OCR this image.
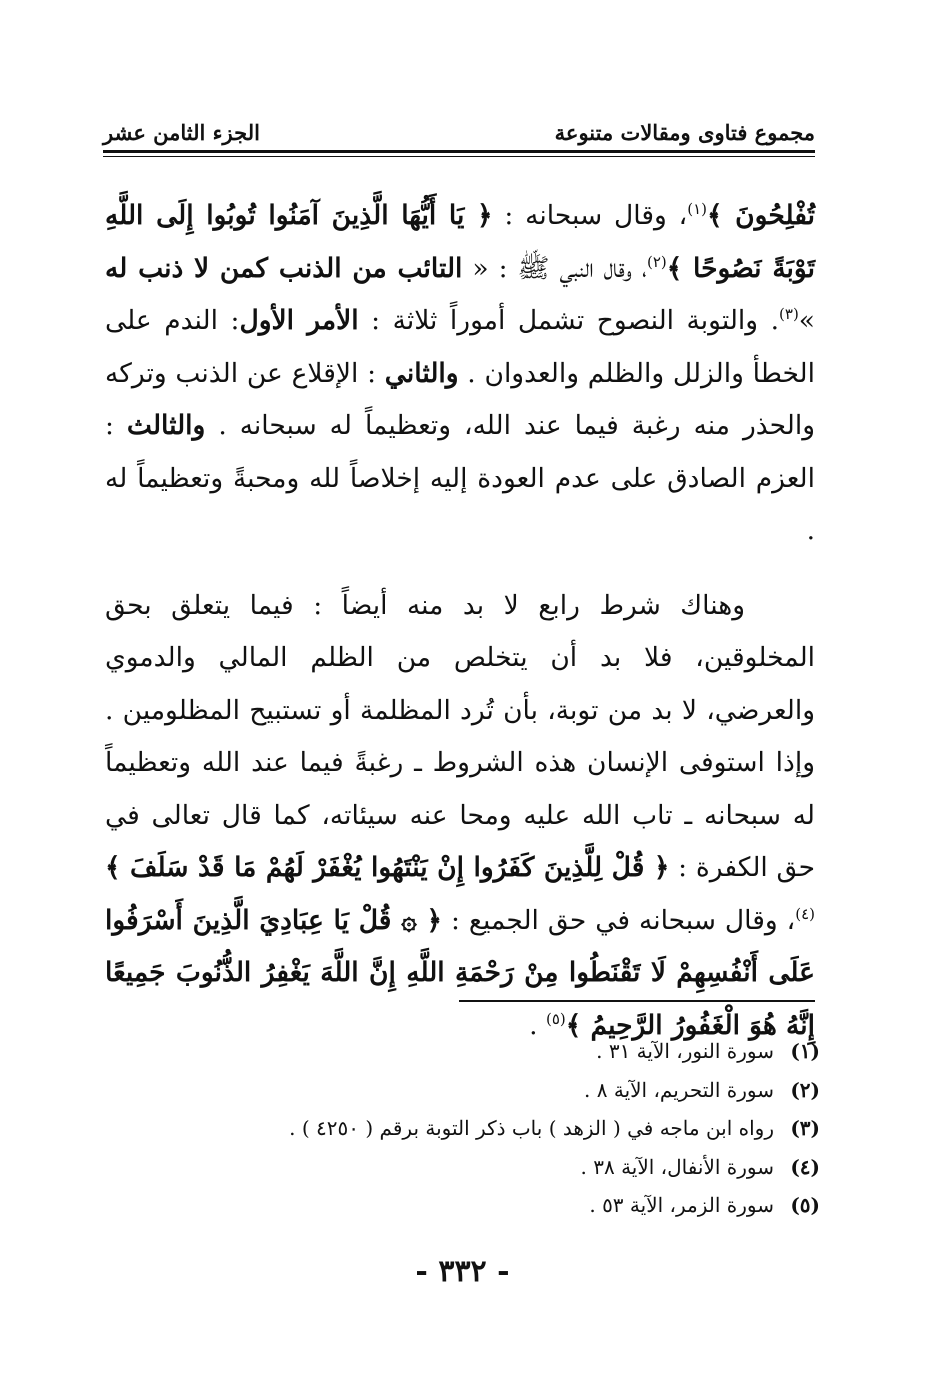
مجموع فتاوى ومقالات متنوعة
الجزء الثامن عشر

تُفْلِحُونَ ﴾$^{(١)}$، وقال سبحانه : ﴿ يَا أَيُّهَا الَّذِينَ آمَنُوا تُوبُوا إِلَى اللَّهِ تَوْبَةً نَصُوحًا ﴾$^{(٢)}$، وقال النبي ﷺ : « التائب من الذنب كمن لا ذنب له »$^{(٣)}$. والتوبة النصوح تشمل أموراً ثلاثة : الأمر الأول: الندم على الخطأ والزلل والظلم والعدوان . والثاني : الإقلاع عن الذنب وتركه والحذر منه رغبة فيما عند الله، وتعظيماً له سبحانه . والثالث : العزم الصادق على عدم العودة إليه إخلاصاً لله ومحبةً وتعظيماً له .

وهناك شرط رابع لا بد منه أيضاً : فيما يتعلق بحق المخلوقين، فلا بد أن يتخلص من الظلم المالي والدموي والعرضي، لا بد من توبة، بأن تُرد المظلمة أو تستبيح المظلومين . وإذا استوفى الإنسان هذه الشروط ـ رغبةً فيما عند الله وتعظيماً له سبحانه ـ تاب الله عليه ومحا عنه سيئاته، كما قال تعالى في حق الكفرة : ﴿ قُلْ لِلَّذِينَ كَفَرُوا إِنْ يَنْتَهُوا يُغْفَرْ لَهُمْ مَا قَدْ سَلَفَ ﴾$^{(٤)}$، وقال سبحانه في حق الجميع : ﴿ ۞ قُلْ يَا عِبَادِيَ الَّذِينَ أَسْرَفُوا عَلَى أَنْفُسِهِمْ لَا تَقْنَطُوا مِنْ رَحْمَةِ اللَّهِ إِنَّ اللَّهَ يَغْفِرُ الذُّنُوبَ جَمِيعًا إِنَّهُ هُوَ الْغَفُورُ الرَّحِيمُ ﴾$^{(٥)}$ .

(١)سورة النور، الآية ٣١ .
(٢)سورة التحريم، الآية ٨ .
(٣)رواه ابن ماجه في ( الزهد ) باب ذكر التوبة برقم ( ٤٢٥٠ ) .
(٤)سورة الأنفال، الآية ٣٨ .
(٥)سورة الزمر، الآية ٥٣ .
- ٣٣٢ -
